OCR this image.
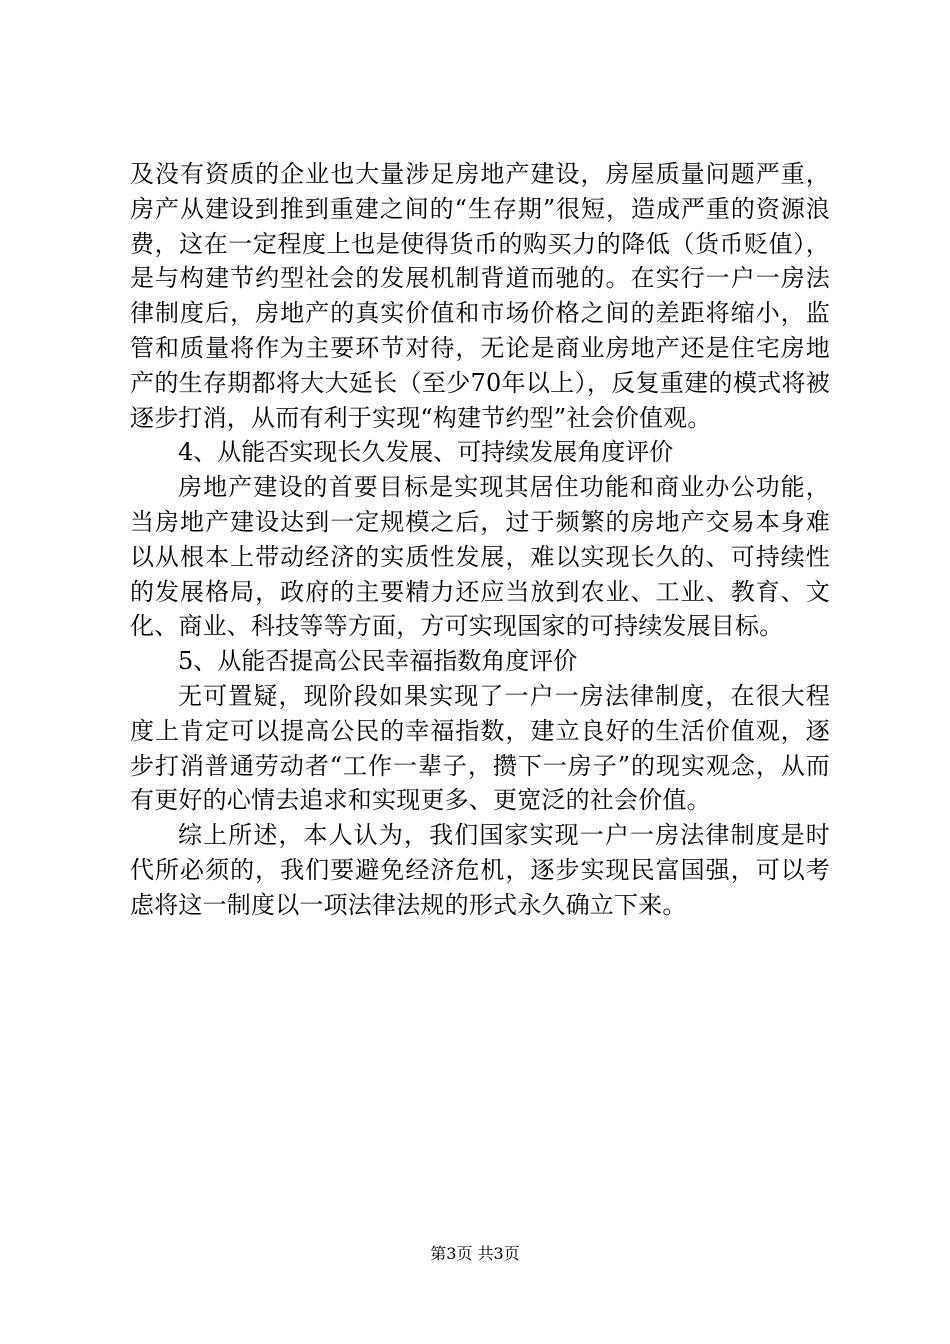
及没有资质的企业也大量涉足房地产建设，房屋质量问题严重，房产从建设到推到重建之间的“生存期”很短，造成严重的资源浪费，这在一定程度上也是使得货币的购买力的降低（货币贬值），是与构建节约型社会的发展机制背道而驰的。在实行一户一房法律制度后，房地产的真实价值和市场价格之间的差距将缩小，监管和质量将作为主要环节对待，无论是商业房地产还是住宅房地产的生存期都将大大延长（至少70年以上），反复重建的模式将被逐步打消，从而有利于实现“构建节约型”社会价值观。

4、从能否实现长久发展、可持续发展角度评价

房地产建设的首要目标是实现其居住功能和商业办公功能，当房地产建设达到一定规模之后，过于频繁的房地产交易本身难以从根本上带动经济的实质性发展，难以实现长久的、可持续性的发展格局，政府的主要精力还应当放到农业、工业、教育、文化、商业、科技等等方面，方可实现国家的可持续发展目标。

5、从能否提高公民幸福指数角度评价

无可置疑，现阶段如果实现了一户一房法律制度，在很大程度上肯定可以提高公民的幸福指数，建立良好的生活价值观，逐步打消普通劳动者“工作一辈子，攒下一房子”的现实观念，从而有更好的心情去追求和实现更多、更宽泛的社会价值。

综上所述，本人认为，我们国家实现一户一房法律制度是时代所必须的，我们要避免经济危机，逐步实现民富国强，可以考虑将这一制度以一项法律法规的形式永久确立下来。

第3页 共3页
